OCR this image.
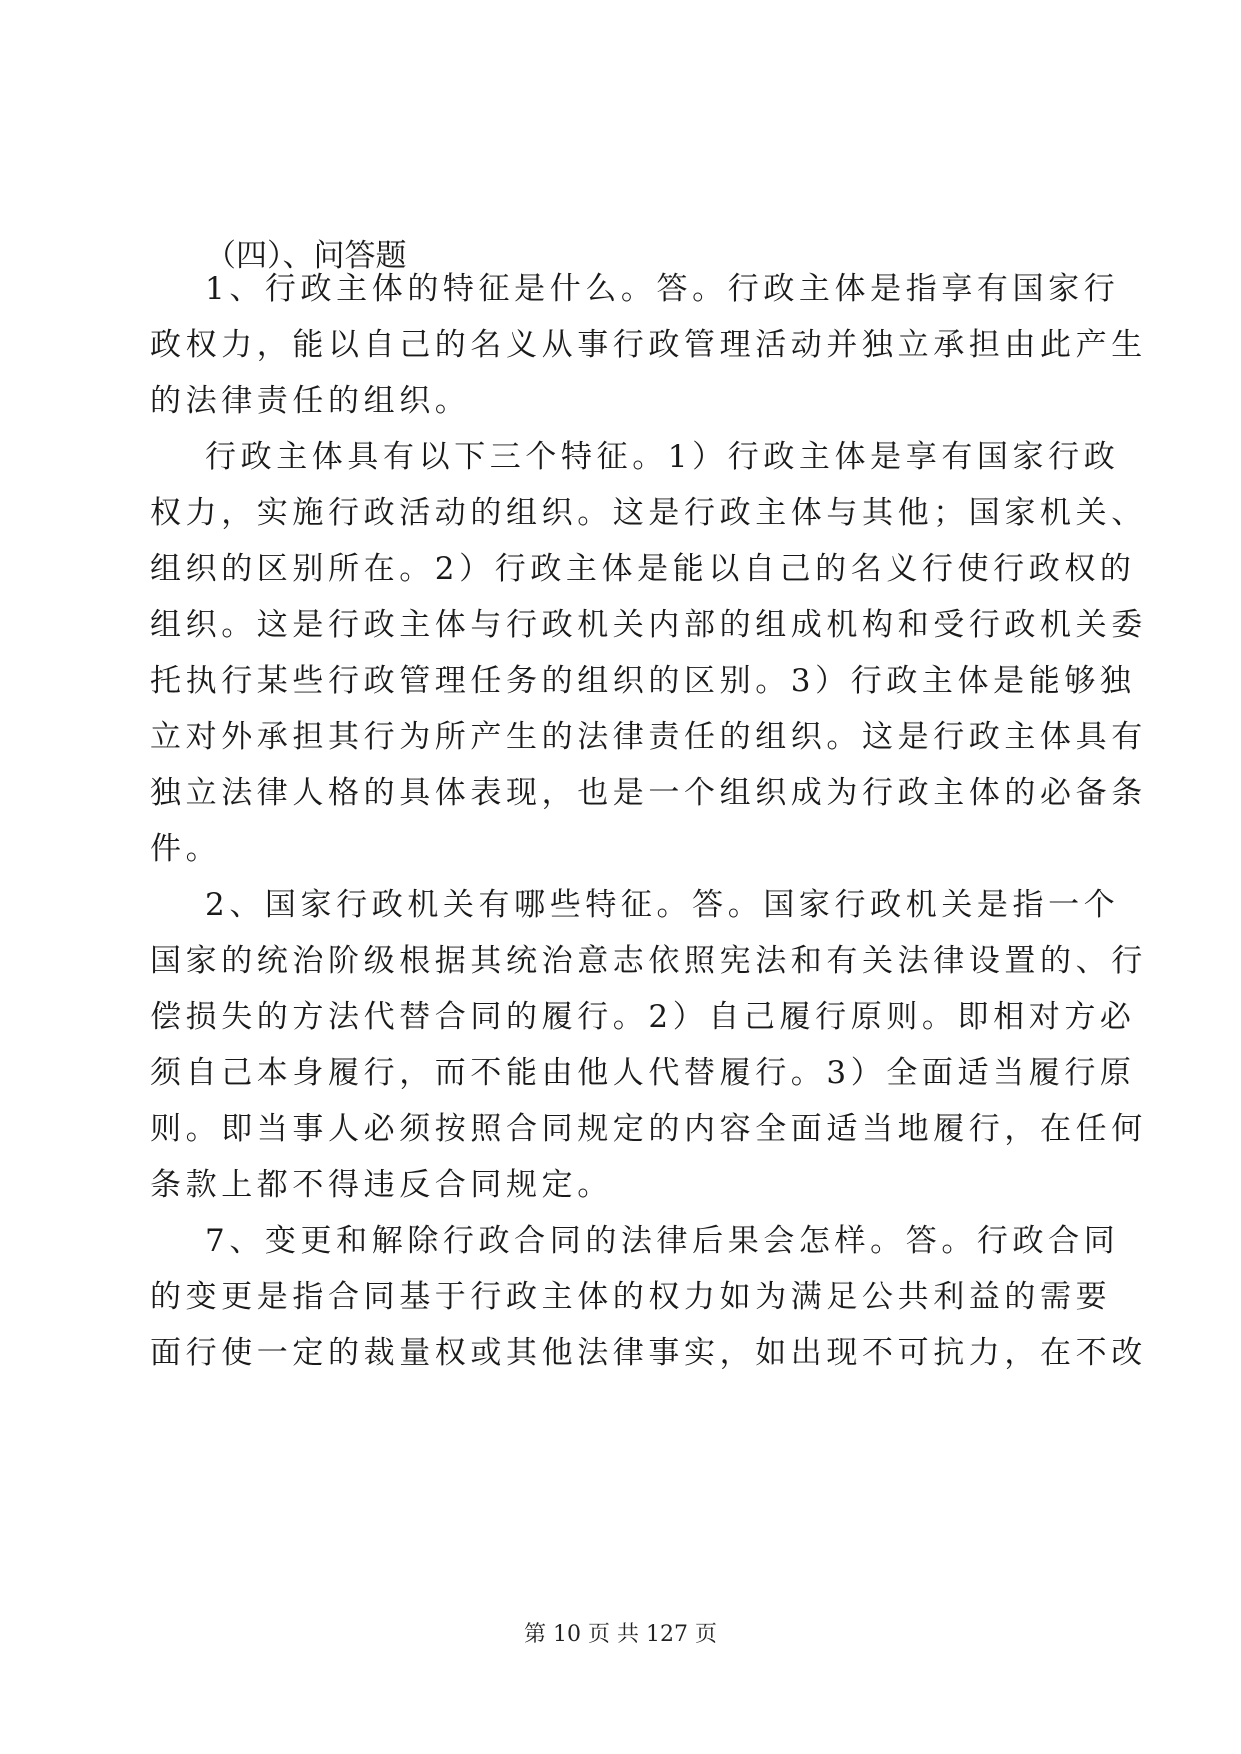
（四）、问答题
1、行政主体的特征是什么。答。行政主体是指享有国家行
政权力，能以自己的名义从事行政管理活动并独立承担由此产生
的法律责任的组织。
行政主体具有以下三个特征。1）行政主体是享有国家行政
权力，实施行政活动的组织。这是行政主体与其他；国家机关、
组织的区别所在。2）行政主体是能以自己的名义行使行政权的
组织。这是行政主体与行政机关内部的组成机构和受行政机关委
托执行某些行政管理任务的组织的区别。3）行政主体是能够独
立对外承担其行为所产生的法律责任的组织。这是行政主体具有
独立法律人格的具体表现，也是一个组织成为行政主体的必备条
件。
2、国家行政机关有哪些特征。答。国家行政机关是指一个
国家的统治阶级根据其统治意志依照宪法和有关法律设置的、行
偿损失的方法代替合同的履行。2）自己履行原则。即相对方必
须自己本身履行，而不能由他人代替履行。3）全面适当履行原
则。即当事人必须按照合同规定的内容全面适当地履行，在任何
条款上都不得违反合同规定。
7、变更和解除行政合同的法律后果会怎样。答。行政合同
的变更是指合同基于行政主体的权力如为满足公共利益的需要
面行使一定的裁量权或其他法律事实，如出现不可抗力，在不改
第 10 页 共 127 页
